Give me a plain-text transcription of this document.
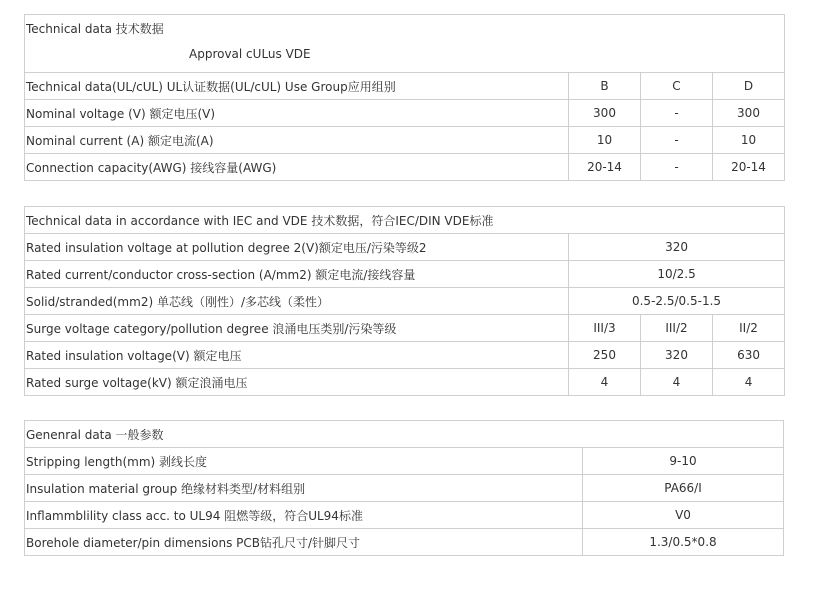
Technical data 技术数据
Approval cULus VDE			

Technical data(UL/cUL) UL认证数据(UL/cUL) Use Group应用组别	B	C	D
Nominal voltage (V) 额定电压(V)	300	-	300
Nominal current (A) 额定电流(A)	10	-	10
Connection capacity(AWG) 接线容量(AWG)	20-14	-	20-14
Technical data in accordance with IEC and VDE 技术数据，符合IEC/DIN VDE标准			
Rated insulation voltage at pollution degree 2(V)额定电压/污染等级2	320		
Rated current/conductor cross-section (A/mm2) 额定电流/接线容量	10/2.5		
Solid/stranded(mm2) 单芯线（刚性）/多芯线（柔性）	0.5-2.5/0.5-1.5		
Surge voltage category/pollution degree 浪涌电压类别/污染等级	III/3	III/2	II/2
Rated insulation voltage(V) 额定电压	250	320	630
Rated surge voltage(kV) 额定浪涌电压	4	4	4
Genenral data 一般参数	
Stripping length(mm) 剥线长度	9-10
Insulation material group 绝缘材料类型/材料组别	PA66/I
Inflammblility class acc. to UL94 阻燃等级，符合UL94标准	V0
Borehole diameter/pin dimensions PCB钻孔尺寸/针脚尺寸	1.3/0.5*0.8
